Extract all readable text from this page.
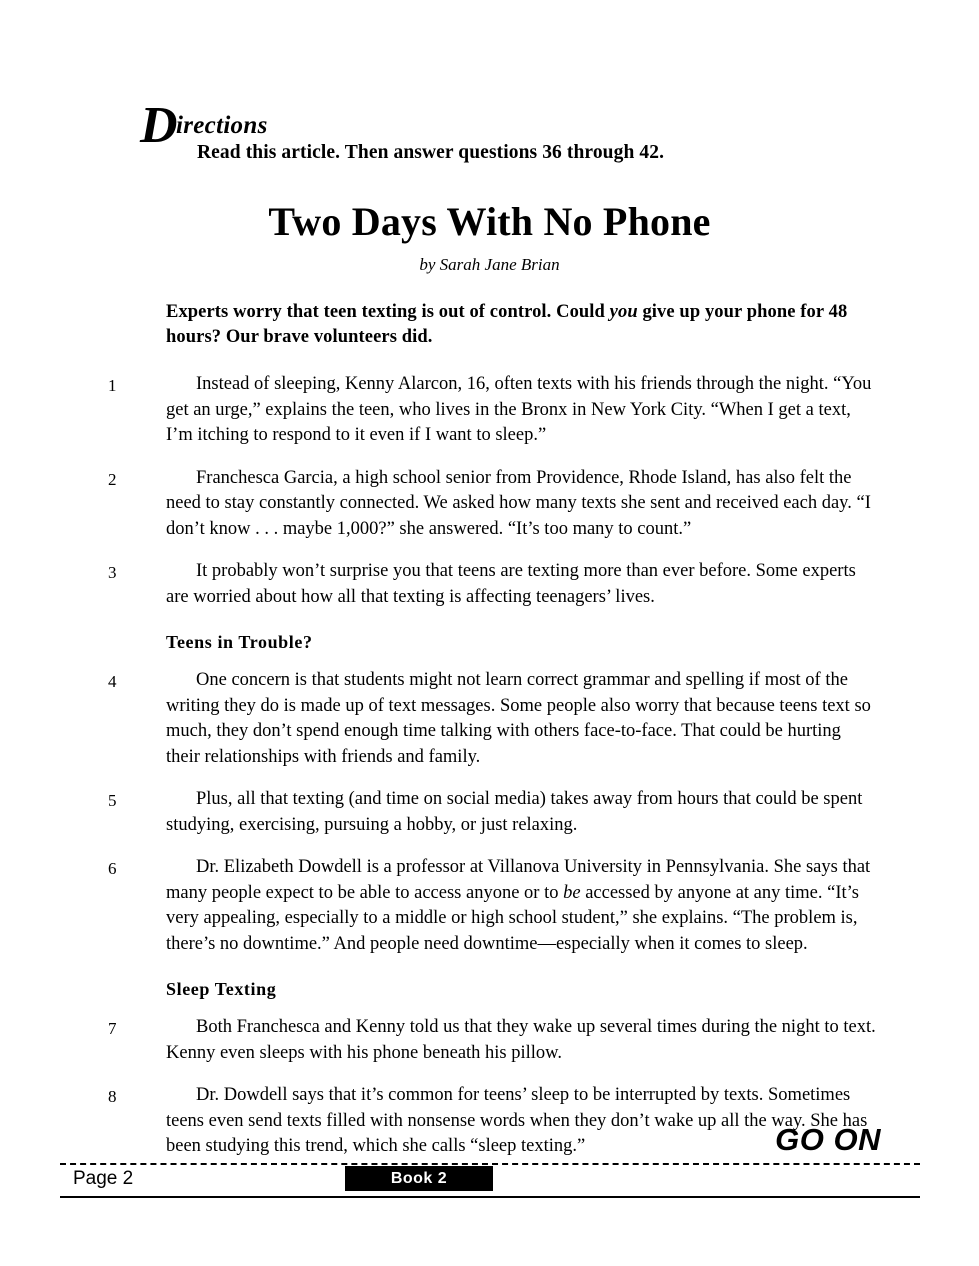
D
irections
Read this article. Then answer questions 36 through 42.
Two Days With No Phone
by Sarah Jane Brian

Experts worry that teen texting is out of control. Could you give up your phone for 48 hours? Our brave volunteers did.

1	Instead of sleeping, Kenny Alarcon, 16, often texts with his friends through the night. “You get an urge,” explains the teen, who lives in the Bronx in New York City. “When I get a text, I’m itching to respond to it even if I want to sleep.”

2	Franchesca Garcia, a high school senior from Providence, Rhode Island, has also felt the need to stay constantly connected. We asked how many texts she sent and received each day. “I don’t know . . . maybe 1,000?” she answered. “It’s too many to count.”

3	It probably won’t surprise you that teens are texting more than ever before. Some experts are worried about how all that texting is affecting teenagers’ lives.

Teens in Trouble?

4	One concern is that students might not learn correct grammar and spelling if most of the writing they do is made up of text messages. Some people also worry that because teens text so much, they don’t spend enough time talking with others face-to-face. That could be hurting their relationships with friends and family.

5	Plus, all that texting (and time on social media) takes away from hours that could be spent studying, exercising, pursuing a hobby, or just relaxing.

6	Dr. Elizabeth Dowdell is a professor at Villanova University in Pennsylvania. She says that many people expect to be able to access anyone or to be accessed by anyone at any time. “It’s very appealing, especially to a middle or high school student,” she explains. “The problem is, there’s no downtime.” And people need downtime—especially when it comes to sleep.

Sleep Texting

7	Both Franchesca and Kenny told us that they wake up several times during the night to text. Kenny even sleeps with his phone beneath his pillow.

8	Dr. Dowdell says that it’s common for teens’ sleep to be interrupted by texts. Sometimes teens even send texts filled with nonsense words when they don’t wake up all the way. She has been studying this trend, which she calls “sleep texting.”	GO ON
Page 2	Book 2
